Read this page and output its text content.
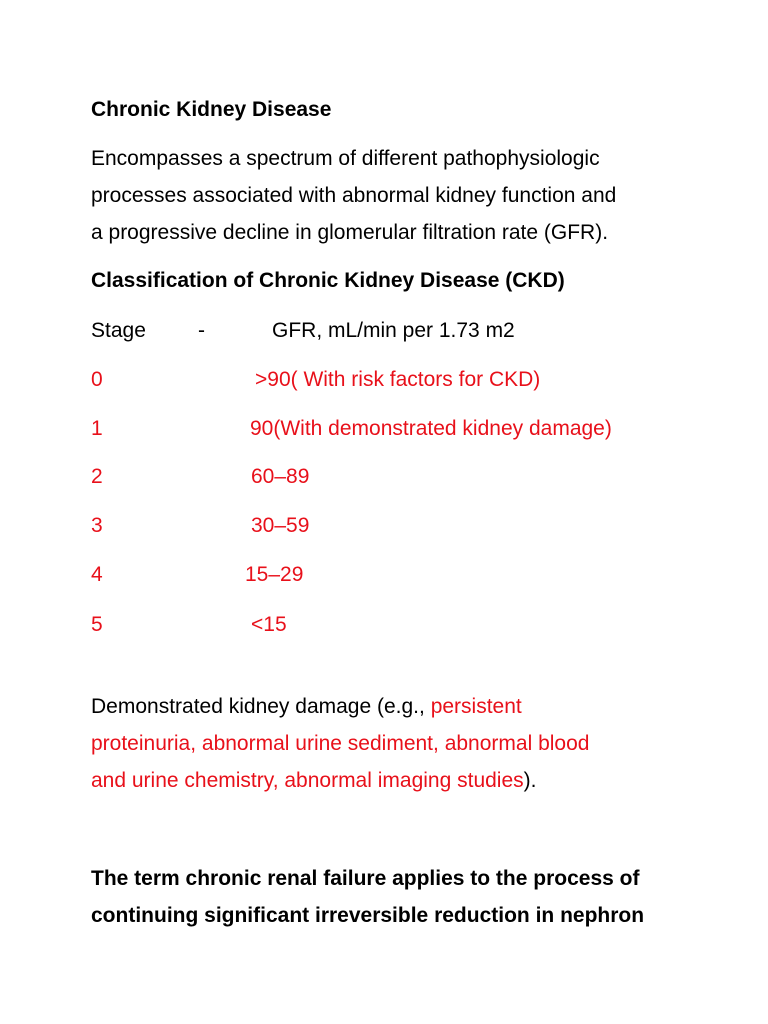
Chronic Kidney Disease
Encompasses a spectrum of different pathophysiologic
processes associated with abnormal kidney function and
a progressive decline in glomerular filtration rate (GFR).
Classification of Chronic Kidney Disease (CKD)
Stage -	GFR, mL/min per 1.73 m2
0	>90( With risk factors for CKD)
1	90(With demonstrated kidney damage)
2	60–89
3	30–59
4	15–29
5	<15
Demonstrated kidney damage (e.g., persistent
proteinuria, abnormal urine sediment, abnormal blood
and urine chemistry, abnormal imaging studies).
The term chronic renal failure applies to the process of
continuing significant irreversible reduction in nephron
